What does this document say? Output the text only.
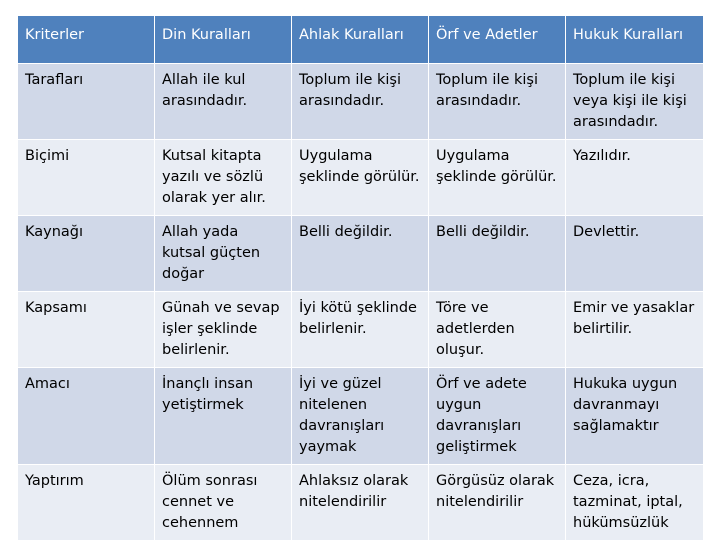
Kriterler	Din Kuralları	Ahlak Kuralları	Örf ve Adetler	Hukuk Kuralları
Tarafları	Allah ile kul arasındadır.	Toplum ile kişi arasındadır.	Toplum ile kişi arasındadır.	Toplum ile kişi veya kişi ile kişi arasındadır.
Biçimi	Kutsal kitapta yazılı ve sözlü olarak yer alır.	Uygulama şeklinde görülür.	Uygulama şeklinde görülür.	Yazılıdır.
Kaynağı	Allah yada kutsal güçten doğar	Belli değildir.	Belli değildir.	Devlettir.
Kapsamı	Günah ve sevap işler şeklinde belirlenir.	İyi kötü şeklinde belirlenir.	Töre ve adetlerden oluşur.	Emir ve yasaklar belirtilir.
Amacı	İnançlı insan yetiştirmek	İyi ve güzel nitelenen davranışları yaymak	Örf ve adete uygun davranışları geliştirmek	Hukuka uygun davranmayı sağlamaktır
Yaptırım	Ölüm sonrası cennet ve cehennem	Ahlaksız olarak nitelendirilir	Görgüsüz olarak nitelendirilir	Ceza, icra, tazminat, iptal, hükümsüzlük
